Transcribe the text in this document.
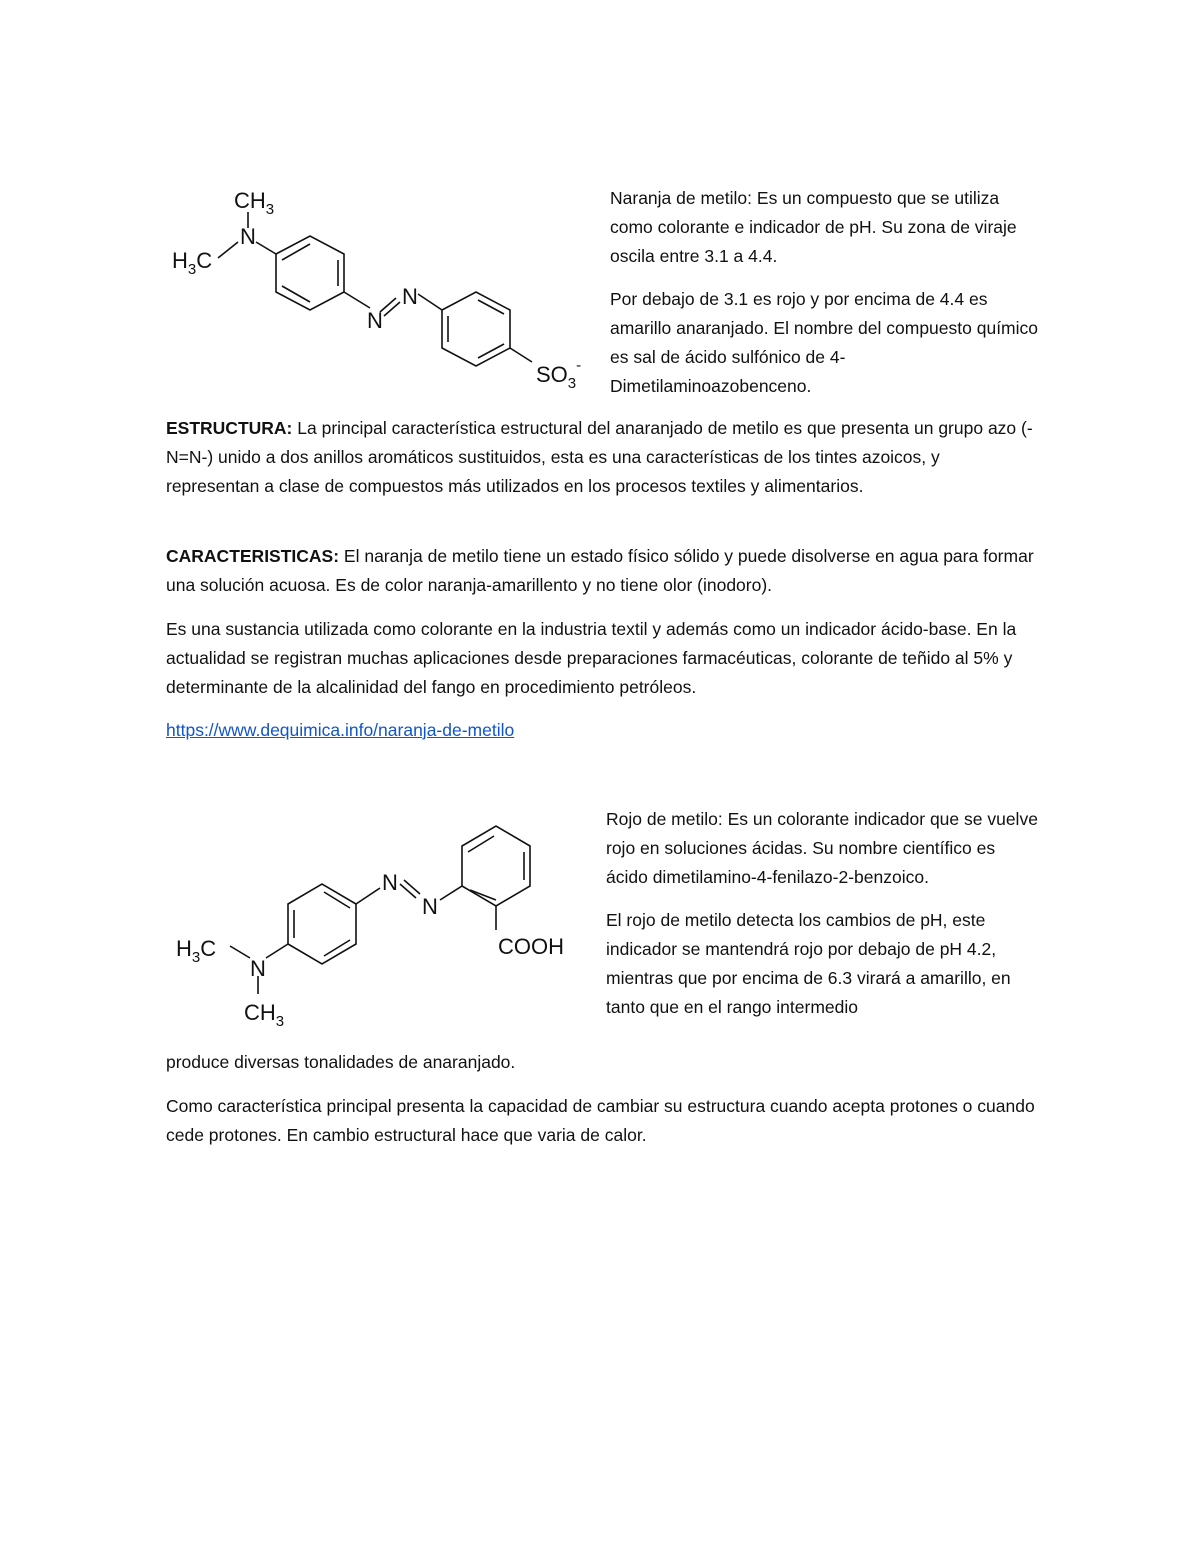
$CH_3$
N
$H_3C$
N
N
$SO_3^-$

Naranja de metilo: Es un compuesto que se utiliza como colorante e indicador de pH. Su zona de viraje oscila entre 3.1 a 4.4.

Por debajo de 3.1 es rojo y por encima de 4.4 es amarillo anaranjado. El nombre del compuesto químico es sal de ácido sulfónico de 4-Dimetilaminoazobenceno.

ESTRUCTURA: La principal característica estructural del anaranjado de metilo es que presenta un grupo azo (-N=N-) unido a dos anillos aromáticos sustituidos, esta es una características de los tintes azoicos, y representan a clase de compuestos más utilizados en los procesos textiles y alimentarios.

CARACTERISTICAS: El naranja de metilo tiene un estado físico sólido y puede disolverse en agua para formar una solución acuosa. Es de color naranja-amarillento y no tiene olor (inodoro).

Es una sustancia utilizada como colorante en la industria textil y además como un indicador ácido-base. En la actualidad se registran muchas aplicaciones desde preparaciones farmacéuticas, colorante de teñido al 5% y determinante de la alcalinidad del fango en procedimiento petróleos.

https://www.dequimica.info/naranja-de-metilo

$H_3C$
N
$CH_3$
N
N
COOH

Rojo de metilo: Es un colorante indicador que se vuelve rojo en soluciones ácidas. Su nombre científico es ácido dimetilamino-4-fenilazo-2-benzoico.

El rojo de metilo detecta los cambios de pH, este indicador se mantendrá rojo por debajo de pH 4.2, mientras que por encima de 6.3 virará a amarillo, en tanto que en el rango intermedio

produce diversas tonalidades de anaranjado.

Como característica principal presenta la capacidad de cambiar su estructura cuando acepta protones o cuando cede protones. En cambio estructural hace que varia de calor.
